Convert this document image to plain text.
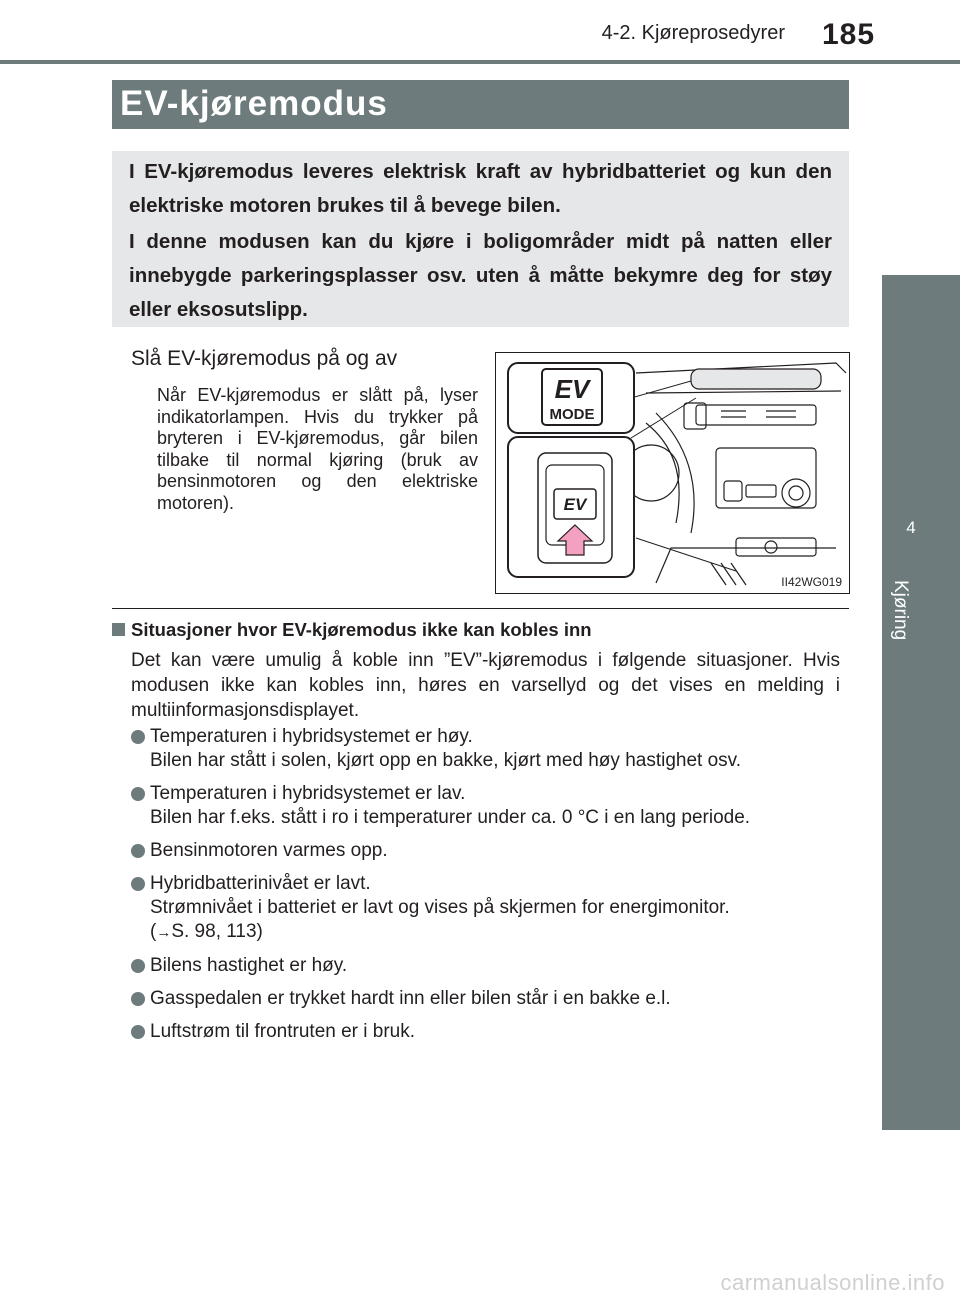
4-2. Kjøreprosedyrer 185
4
Kjøring
EV-kjøremodus

I EV-kjøremodus leveres elektrisk kraft av hybridbatteriet og kun den elektriske motoren brukes til å bevege bilen.

I denne modusen kan du kjøre i boligområder midt på natten eller innebygde parkeringsplasser osv. uten å måtte bekymre deg for støy eller eksosutslipp.

Slå EV-kjøremodus på og av

Når EV-kjøremodus er slått på, lyser indikatorlampen. Hvis du trykker på bryteren i EV-kjøremodus, går bilen tilbake til normal kjøring (bruk av bensinmotoren og den elektriske motoren).

EV
MODE
EV
II42WG019
Situasjoner hvor EV-kjøremodus ikke kan kobles inn

Det kan være umulig å koble inn ”EV”-kjøremodus i følgende situasjoner. Hvis modusen ikke kan kobles inn, høres en varsellyd og det vises en melding i multiinformasjonsdisplayet.

Temperaturen i hybridsystemet er høy.
Bilen har stått i solen, kjørt opp en bakke, kjørt med høy hastighet osv.
Temperaturen i hybridsystemet er lav.
Bilen har f.eks. stått i ro i temperaturer under ca. 0 °C i en lang periode.
Bensinmotoren varmes opp.
Hybridbatterinivået er lavt.
Strømnivået i batteriet er lavt og vises på skjermen for energimonitor.
(→S. 98, 113)
Bilens hastighet er høy.
Gasspedalen er trykket hardt inn eller bilen står i en bakke e.l.
Luftstrøm til frontruten er i bruk.
carmanualsonline.info
